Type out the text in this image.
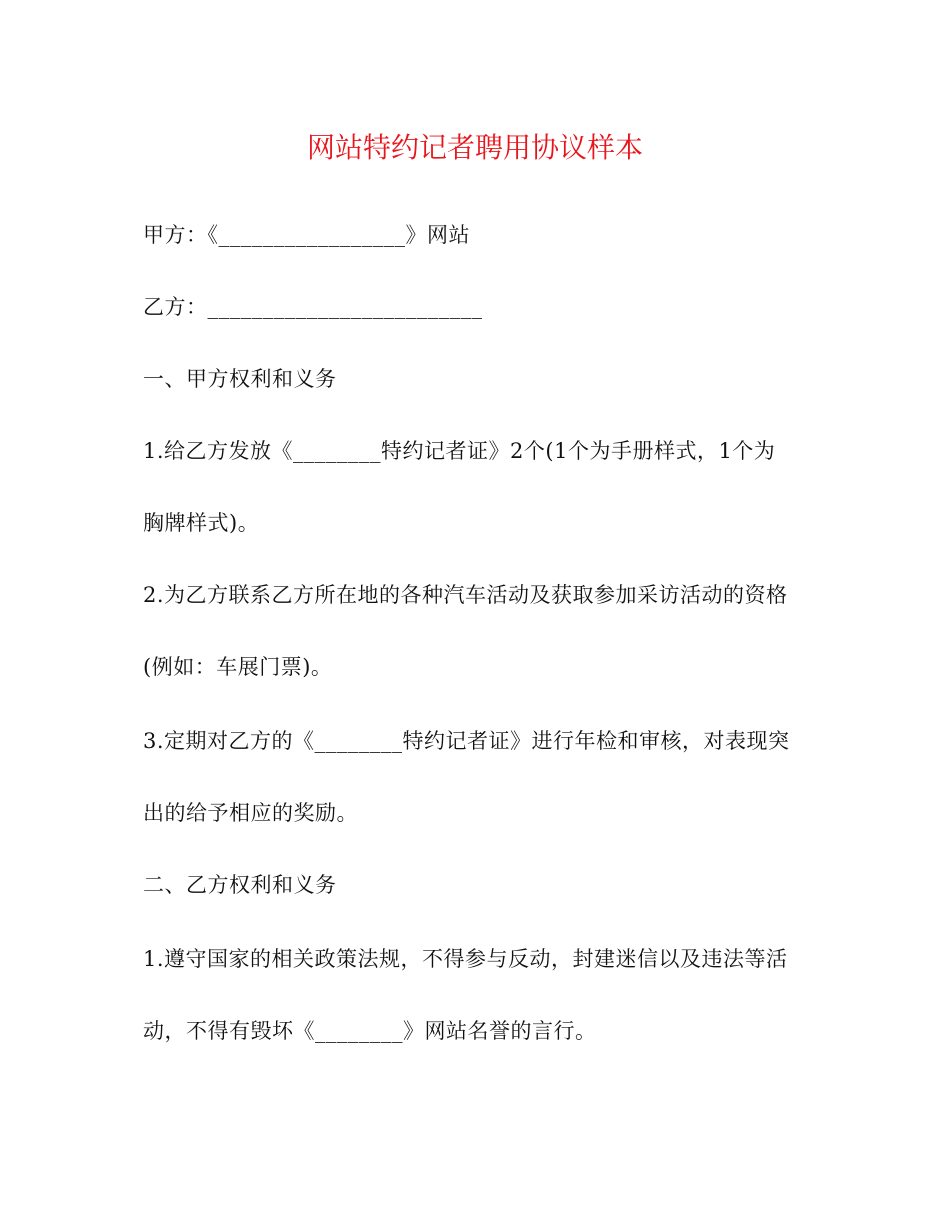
网站特约记者聘用协议样本
甲方：《_________________》网站
乙方：_________________________
一、甲方权利和义务
1.给乙方发放《________特约记者证》2个(1个为手册样式，1个为
胸牌样式)。
2.为乙方联系乙方所在地的各种汽车活动及获取参加采访活动的资格
(例如：车展门票)。
3.定期对乙方的《________特约记者证》进行年检和审核，对表现突
出的给予相应的奖励。
二、乙方权利和义务
1.遵守国家的相关政策法规，不得参与反动，封建迷信以及违法等活
动，不得有毁坏《________》网站名誉的言行。
